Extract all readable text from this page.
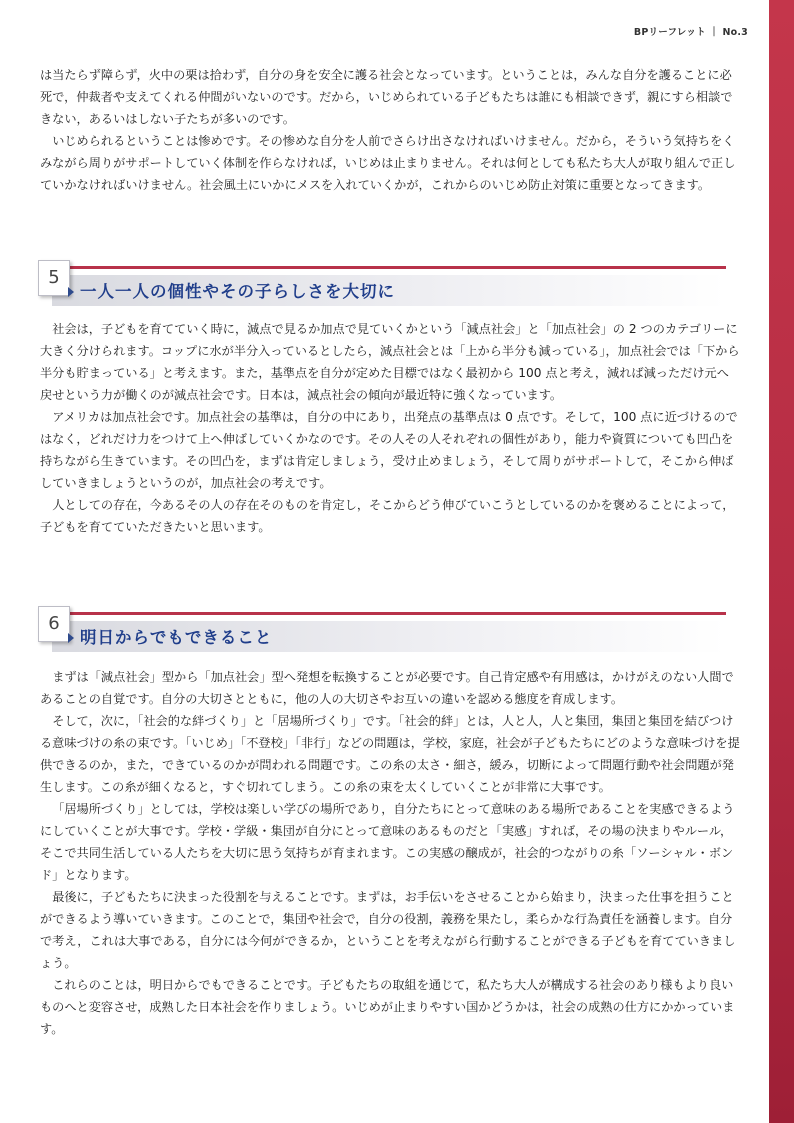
BPリーフレット ｜ No.3

は当たらず障らず，火中の栗は拾わず，自分の身を安全に護る社会となっています。ということは，みんな自分を護ることに必死で，仲裁者や支えてくれる仲間がいないのです。だから，いじめられている子どもたちは誰にも相談できず，親にすら相談できない，あるいはしない子たちが多いのです。

いじめられるということは惨めです。その惨めな自分を人前でさらけ出さなければいけません。だから，そういう気持ちをくみながら周りがサポートしていく体制を作らなければ，いじめは止まりません。それは何としても私たち大人が取り組んで正していかなければいけません。社会風土にいかにメスを入れていくかが，これからのいじめ防止対策に重要となってきます。

5
一人一人の個性やその子らしさを大切に

社会は，子どもを育てていく時に，減点で見るか加点で見ていくかという「減点社会」と「加点社会」の 2 つのカテゴリーに大きく分けられます。コップに水が半分入っているとしたら，減点社会とは「上から半分も減っている」，加点社会では「下から半分も貯まっている」と考えます。また，基準点を自分が定めた目標ではなく最初から 100 点と考え，減れば減っただけ元へ戻せという力が働くのが減点社会です。日本は，減点社会の傾向が最近特に強くなっています。

アメリカは加点社会です。加点社会の基準は，自分の中にあり，出発点の基準点は 0 点です。そして，100 点に近づけるのではなく，どれだけ力をつけて上へ伸ばしていくかなのです。その人その人それぞれの個性があり，能力や資質についても凹凸を持ちながら生きています。その凹凸を，まずは肯定しましょう，受け止めましょう，そして周りがサポートして，そこから伸ばしていきましょうというのが，加点社会の考えです。

人としての存在，今あるその人の存在そのものを肯定し，そこからどう伸びていこうとしているのかを褒めることによって，子どもを育てていただきたいと思います。

6
明日からでもできること

まずは「減点社会」型から「加点社会」型へ発想を転換することが必要です。自己肯定感や有用感は，かけがえのない人間であることの自覚です。自分の大切さとともに，他の人の大切さやお互いの違いを認める態度を育成します。

そして，次に，「社会的な絆づくり」と「居場所づくり」です。「社会的絆」とは，人と人，人と集団，集団と集団を結びつける意味づけの糸の束です。「いじめ」「不登校」「非行」などの問題は，学校，家庭，社会が子どもたちにどのような意味づけを提供できるのか，また，できているのかが問われる問題です。この糸の太さ・細さ，緩み，切断によって問題行動や社会問題が発生します。この糸が細くなると，すぐ切れてしまう。この糸の束を太くしていくことが非常に大事です。

「居場所づくり」としては，学校は楽しい学びの場所であり，自分たちにとって意味のある場所であることを実感できるようにしていくことが大事です。学校・学級・集団が自分にとって意味のあるものだと「実感」すれば，その場の決まりやルール，そこで共同生活している人たちを大切に思う気持ちが育まれます。この実感の醸成が，社会的つながりの糸「ソーシャル・ボンド」となります。

最後に，子どもたちに決まった役割を与えることです。まずは，お手伝いをさせることから始まり，決まった仕事を担うことができるよう導いていきます。このことで，集団や社会で，自分の役割，義務を果たし，柔らかな行為責任を涵養します。自分で考え，これは大事である，自分には今何ができるか，ということを考えながら行動することができる子どもを育てていきましょう。

これらのことは，明日からでもできることです。子どもたちの取組を通じて，私たち大人が構成する社会のあり様もより良いものへと変容させ，成熟した日本社会を作りましょう。いじめが止まりやすい国かどうかは，社会の成熟の仕方にかかっています。
